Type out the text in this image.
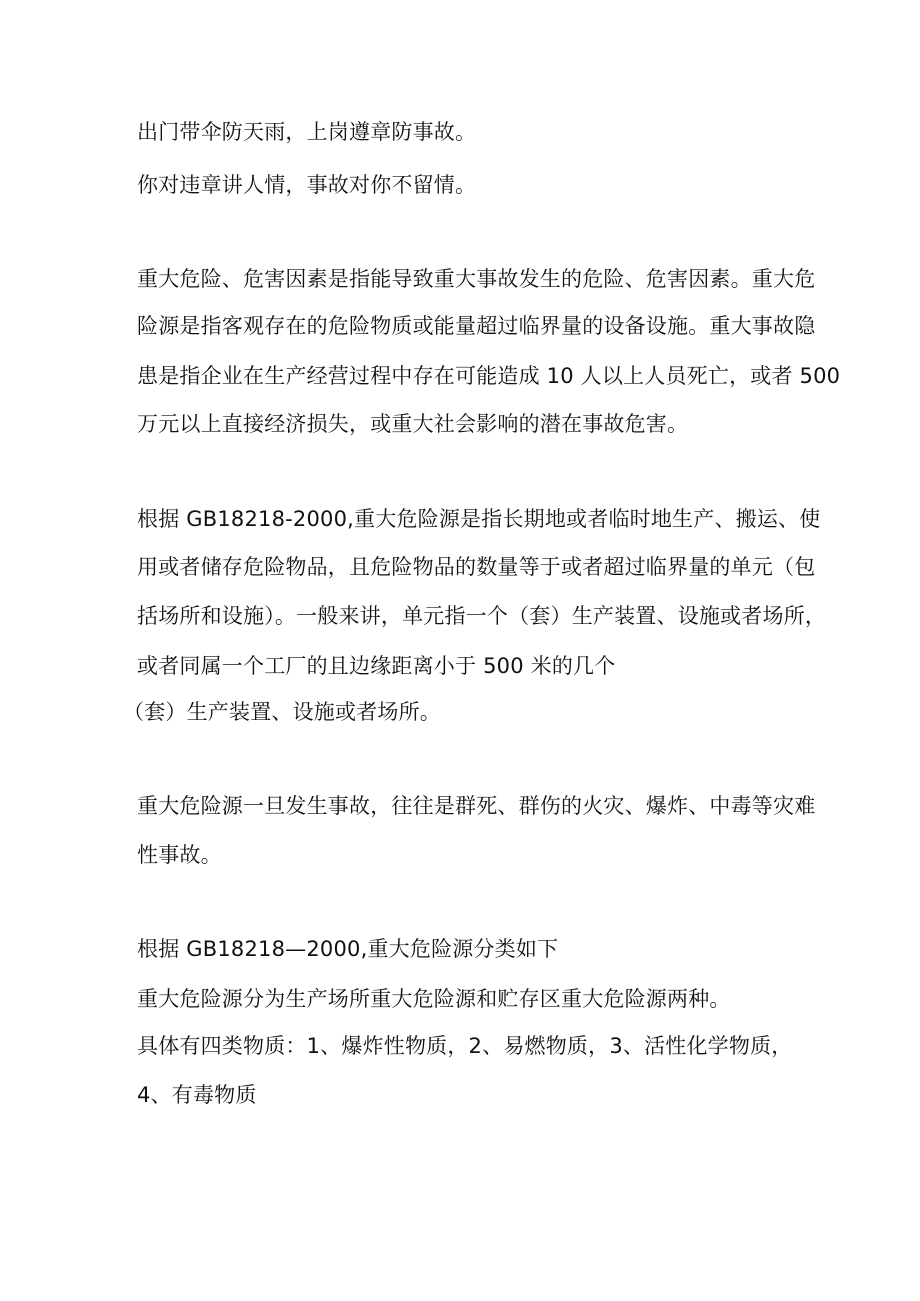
出门带伞防天雨，上岗遵章防事故。
你对违章讲人情，事故对你不留情。
重大危险、危害因素是指能导致重大事故发生的危险、危害因素。重大危
险源是指客观存在的危险物质或能量超过临界量的设备设施。重大事故隐
患是指企业在生产经营过程中存在可能造成 10 人以上人员死亡，或者 500
万元以上直接经济损失，或重大社会影响的潜在事故危害。
根据 GB18218-2000,重大危险源是指长期地或者临时地生产、搬运、使
用或者储存危险物品，且危险物品的数量等于或者超过临界量的单元（包
括场所和设施）。一般来讲，单元指一个（套）生产装置、设施或者场所，
或者同属一个工厂的且边缘距离小于 500 米的几个
（套）生产装置、设施或者场所。
重大危险源一旦发生事故，往往是群死、群伤的火灾、爆炸、中毒等灾难
性事故。
根据 GB18218—2000,重大危险源分类如下
重大危险源分为生产场所重大危险源和贮存区重大危险源两种。
具体有四类物质：1、爆炸性物质，2、易燃物质，3、活性化学物质，
4、有毒物质
